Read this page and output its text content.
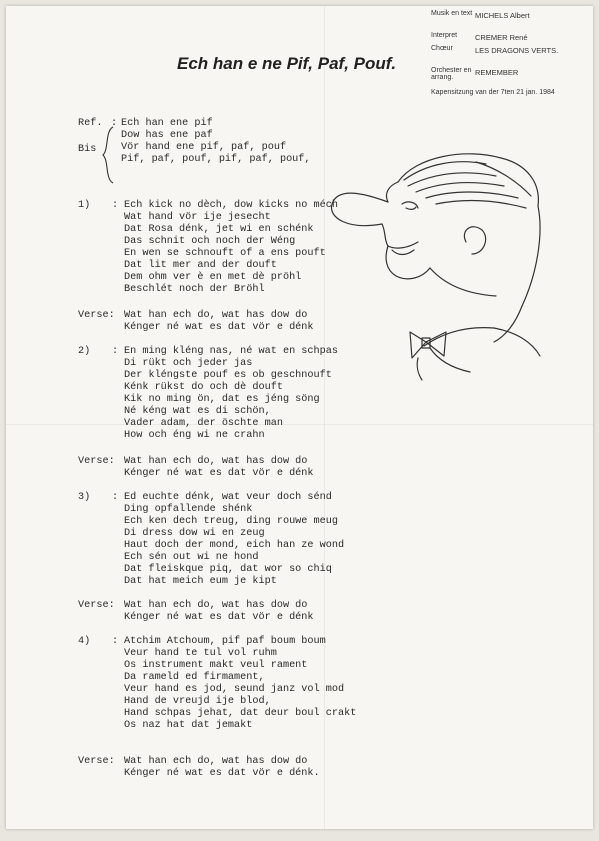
Ech han e ne Pif, Paf, Pouf.
Musik en text MICHELS Albert
Interpret	CREMER René
Chœur	LES DRAGONS VERTS.
Orchester en arrang.
REMEMBER
Kapensitzung van der 7ten 21 jan. 1984
Ref.
Bis
: Ech han ene pif
Dow has ene paf
Vör hand ene pif, paf, pouf
Pif, paf, pouf, pif, paf, pouf,
1) : Ech kick no dèch, dow kicks no méch
Wat hand vör ije jesecht
Dat Rosa dénk, jet wi en schénk
Das schnit och noch der Wéng
En wen se schnouft of a ens pouft
Dat lit mer and der douft
Dem ohm ver è en met dè pröhl
Beschlét noch der Bröhl
Verse: Wat han ech do, wat has dow do
Kénger né wat es dat vör e dénk
2) : En ming kléng nas, né wat en schpas
Di rükt och jeder jas
Der kléngste pouf es ob geschnouft
Kénk rükst do och dè douft
Kik no ming ön, dat es jéng söng
Né kéng wat es di schön,
Vader adam, der öschte man
How och éng wi ne crahn
Verse: Wat han ech do, wat has dow do
Kénger né wat es dat vör e dénk
3) : Ed euchte dénk, wat veur doch sénd
Ding opfallende shénk
Ech ken dech treug, ding rouwe meug
Di dress dow wi en zeug
Haut doch der mond, eich han ze wond
Ech sén out wi ne hond
Dat fleiskque piq, dat wor so chiq
Dat hat meich eum je kipt
Verse: Wat han ech do, wat has dow do
Kénger né wat es dat vör e dénk
4) : Atchim Atchoum, pif paf boum boum
Veur hand te tul vol ruhm
Os instrument makt veul rament
Da rameld ed firmament,
Veur hand es jod, seund janz vol mod
Hand de vreujd ije blod,
Hand schpas jehat, dat deur boul crakt
Os naz hat dat jemakt
Verse: Wat han ech do, wat has dow do
Kénger né wat es dat vör e dénk.
